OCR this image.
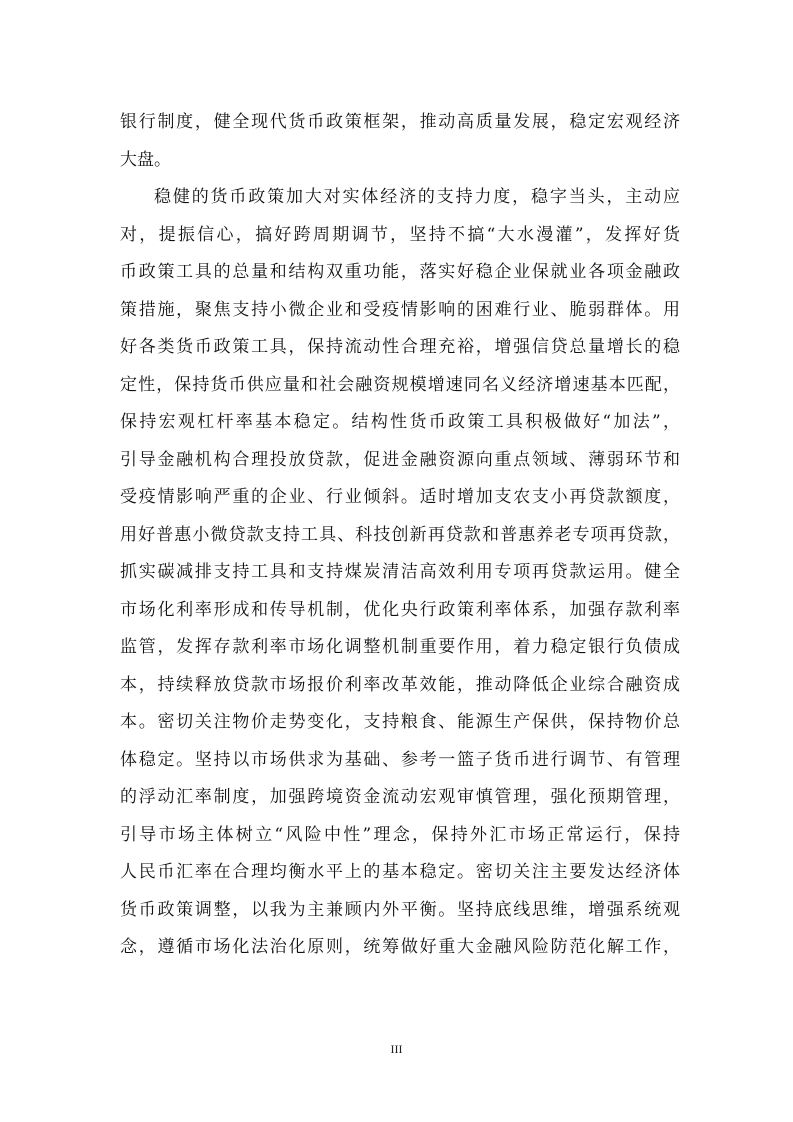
银行制度，健全现代货币政策框架，推动高质量发展，稳定宏观经济
大盘。
稳健的货币政策加大对实体经济的支持力度，稳字当头，主动应
对，提振信心，搞好跨周期调节，坚持不搞“大水漫灌”，发挥好货
币政策工具的总量和结构双重功能，落实好稳企业保就业各项金融政
策措施，聚焦支持小微企业和受疫情影响的困难行业、脆弱群体。用
好各类货币政策工具，保持流动性合理充裕，增强信贷总量增长的稳
定性，保持货币供应量和社会融资规模增速同名义经济增速基本匹配，
保持宏观杠杆率基本稳定。结构性货币政策工具积极做好“加法”，
引导金融机构合理投放贷款，促进金融资源向重点领域、薄弱环节和
受疫情影响严重的企业、行业倾斜。适时增加支农支小再贷款额度，
用好普惠小微贷款支持工具、科技创新再贷款和普惠养老专项再贷款，
抓实碳减排支持工具和支持煤炭清洁高效利用专项再贷款运用。健全
市场化利率形成和传导机制，优化央行政策利率体系，加强存款利率
监管，发挥存款利率市场化调整机制重要作用，着力稳定银行负债成
本，持续释放贷款市场报价利率改革效能，推动降低企业综合融资成
本。密切关注物价走势变化，支持粮食、能源生产保供，保持物价总
体稳定。坚持以市场供求为基础、参考一篮子货币进行调节、有管理
的浮动汇率制度，加强跨境资金流动宏观审慎管理，强化预期管理，
引导市场主体树立“风险中性”理念，保持外汇市场正常运行，保持
人民币汇率在合理均衡水平上的基本稳定。密切关注主要发达经济体
货币政策调整，以我为主兼顾内外平衡。坚持底线思维，增强系统观
念，遵循市场化法治化原则，统筹做好重大金融风险防范化解工作，
III
